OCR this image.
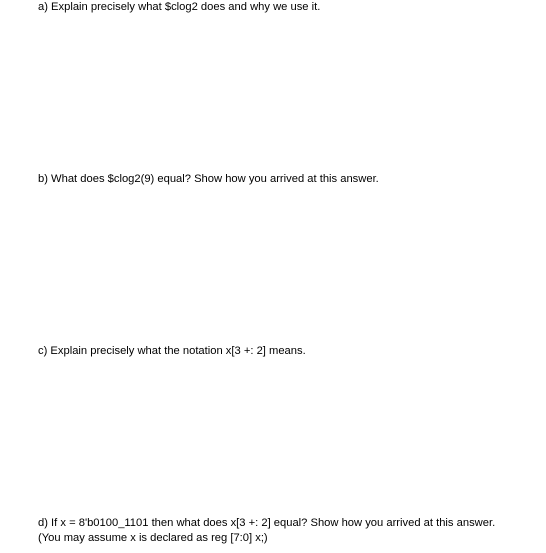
a) Explain precisely what $clog2 does and why we use it.
b) What does $clog2(9) equal? Show how you arrived at this answer.
c) Explain precisely what the notation x[3 +: 2] means.
d) If x = 8'b0100_1101 then what does x[3 +: 2] equal? Show how you arrived at this answer.
(You may assume x is declared as reg [7:0] x;)
